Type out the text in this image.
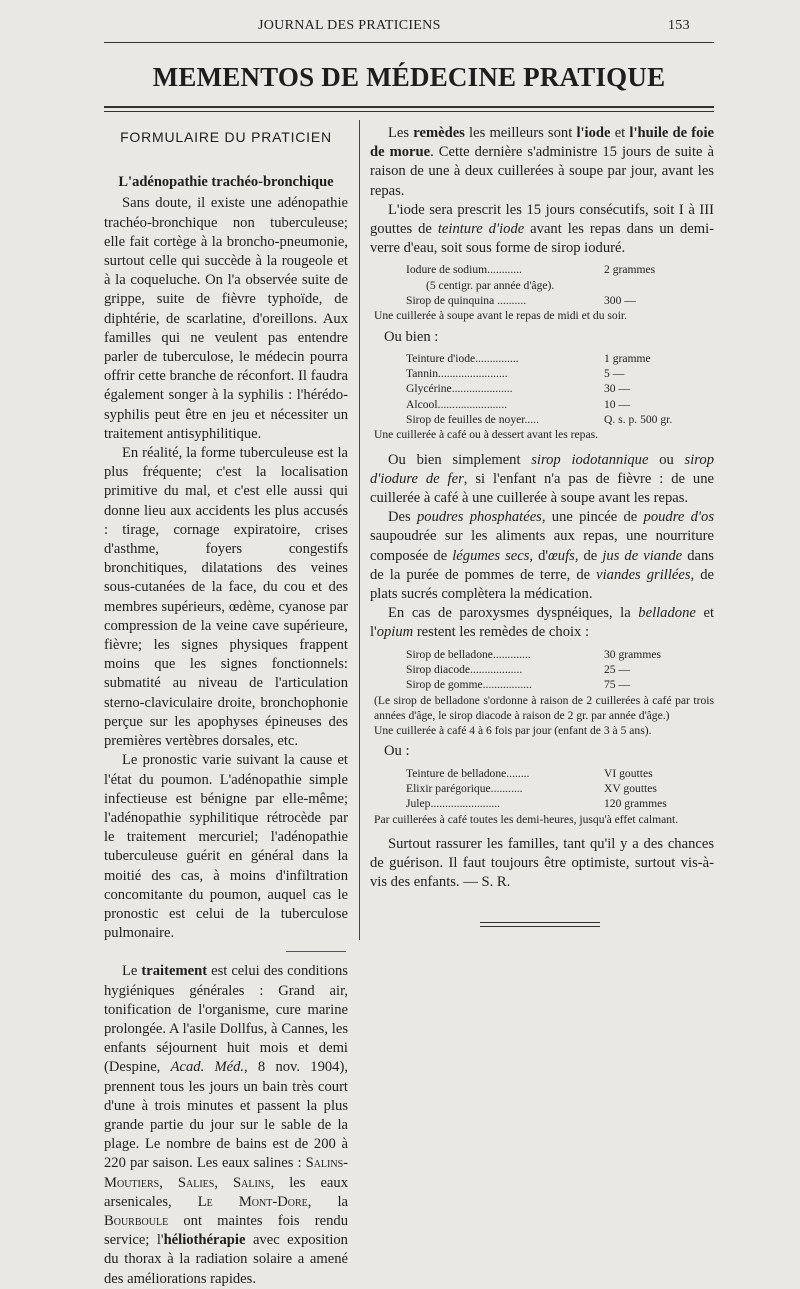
JOURNAL DES PRATICIENS	153
MEMENTOS DE MÉDECINE PRATIQUE
FORMULAIRE DU PRATICIEN
L'adénopathie trachéo-bronchique

Sans doute, il existe une adénopathie trachéo-bronchique non tuberculeuse; elle fait cortège à la broncho-pneumonie, surtout celle qui succède à la rougeole et à la coqueluche. On l'a observée suite de grippe, suite de fièvre typhoïde, de diphtérie, de scarlatine, d'oreillons. Aux familles qui ne veulent pas entendre parler de tuberculose, le médecin pourra offrir cette branche de réconfort. Il faudra également songer à la syphilis : l'hérédo-syphilis peut être en jeu et nécessiter un traitement antisyphilitique.

En réalité, la forme tuberculeuse est la plus fréquente; c'est la localisation primitive du mal, et c'est elle aussi qui donne lieu aux accidents les plus accusés : tirage, cornage expiratoire, crises d'asthme, foyers congestifs bronchitiques, dilatations des veines sous-cutanées de la face, du cou et des membres supérieurs, œdème, cyanose par compression de la veine cave supérieure, fièvre; les signes physiques frappent moins que les signes fonctionnels: submatité au niveau de l'articulation sterno-claviculaire droite, bronchophonie perçue sur les apophyses épineuses des premières vertèbres dorsales, etc.

Le pronostic varie suivant la cause et l'état du poumon. L'adénopathie simple infectieuse est bénigne par elle-même; l'adénopathie syphilitique rétrocède par le traitement mercuriel; l'adénopathie tuberculeuse guérit en général dans la moitié des cas, à moins d'infiltration concomitante du poumon, auquel cas le pronostic est celui de la tuberculose pulmonaire.

Le traitement est celui des conditions hygiéniques générales : Grand air, tonification de l'organisme, cure marine prolongée. A l'asile Dollfus, à Cannes, les enfants séjournent huit mois et demi (Despine, Acad. Méd., 8 nov. 1904), prennent tous les jours un bain très court d'une à trois minutes et passent la plus grande partie du jour sur le sable de la plage. Le nombre de bains est de 200 à 220 par saison. Les eaux salines : Salins-Moutiers, Salies, Salins, les eaux arsenicales, Le Mont-Dore, la Bourboule ont maintes fois rendu service; l'héliothérapie avec exposition du thorax à la radiation solaire a amené des améliorations rapides.

Les remèdes les meilleurs sont l'iode et l'huile de foie de morue. Cette dernière s'administre 15 jours de suite à raison de une à deux cuillerées à soupe par jour, avant les repas.

L'iode sera prescrit les 15 jours consécutifs, soit I à III gouttes de teinture d'iode avant les repas dans un demi-verre d'eau, soit sous forme de sirop ioduré.

Iodure de sodium............	2 grammes
(5 centigr. par année d'âge).
Sirop de quinquina ..........	300 —
Une cuillerée à soupe avant le repas de midi et du soir.
Ou bien :
Teinture d'iode...............	1 gramme
Tannin........................	5 —
Glycérine.....................	30 —
Alcool........................	10 —
Sirop de feuilles de noyer.....	Q. s. p. 500 gr.
Une cuillerée à café ou à dessert avant les repas.

Ou bien simplement sirop iodotannique ou sirop d'iodure de fer, si l'enfant n'a pas de fièvre : de une cuillerée à café à une cuillerée à soupe avant les repas.

Des poudres phosphatées, une pincée de poudre d'os saupoudrée sur les aliments aux repas, une nourriture composée de légumes secs, d'œufs, de jus de viande dans de la purée de pommes de terre, de viandes grillées, de plats sucrés complètera la médication.

En cas de paroxysmes dyspnéiques, la belladone et l'opium restent les remèdes de choix :

Sirop de belladone.............	30 grammes
Sirop diacode..................	25 —
Sirop de gomme.................	75 —
(Le sirop de belladone s'ordonne à raison de 2 cuillerées à café par trois années d'âge, le sirop diacode à raison de 2 gr. par année d'âge.)
Une cuillerée à café 4 à 6 fois par jour (enfant de 3 à 5 ans).
Ou :
Teinture de belladone........	VI gouttes
Elixir parégorique...........	XV gouttes
Julep........................	120 grammes
Par cuillerées à café toutes les demi-heures, jusqu'à effet calmant.

Surtout rassurer les familles, tant qu'il y a des chances de guérison. Il faut toujours être optimiste, surtout vis-à-vis des enfants. — S. R.
